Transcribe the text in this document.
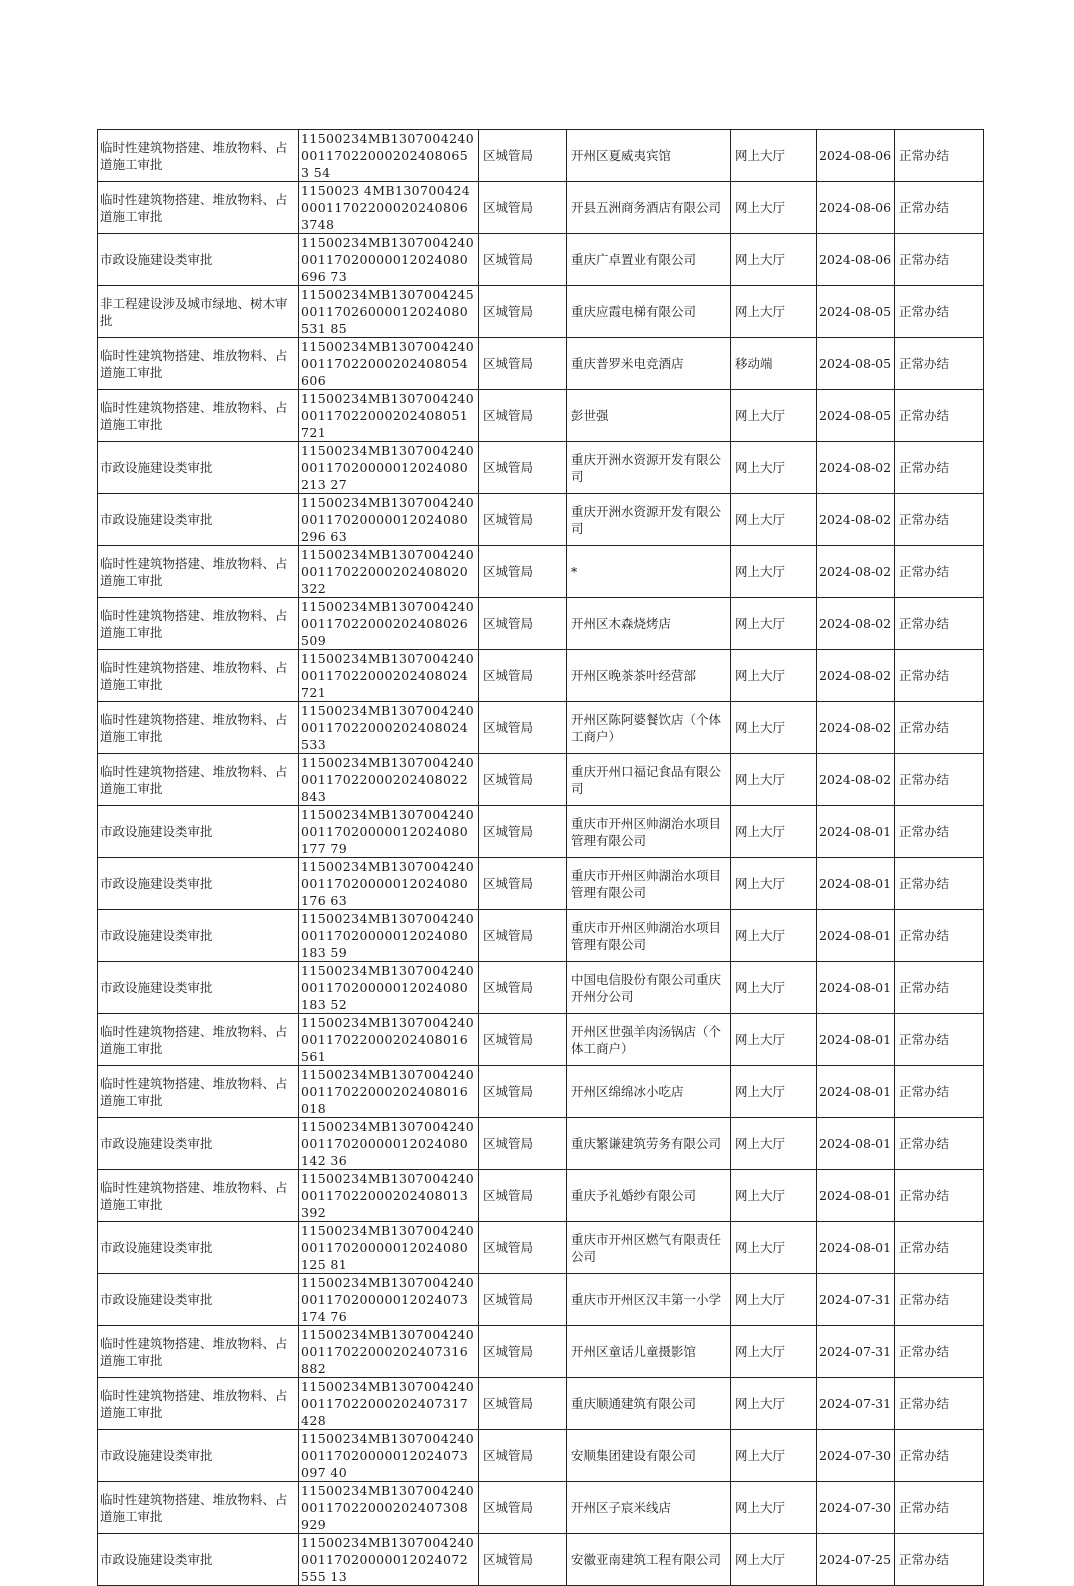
临时性建筑物搭建、堆放物料、占道施工审批	11500234MB1307004240001170220002024080653 54	区城管局	开州区夏威夷宾馆	网上大厅	2024-08-06	正常办结
临时性建筑物搭建、堆放物料、占道施工审批	1150023 4MB130700424000117022000202408063748	区城管局	开县五洲商务酒店有限公司	网上大厅	2024-08-06	正常办结
市政设施建设类审批	11500234MB130700424000117020000012024080696 73	区城管局	重庆广卓置业有限公司	网上大厅	2024-08-06	正常办结
非工程建设涉及城市绿地、树木审批	11500234MB130700424500117026000012024080531 85	区城管局	重庆应霞电梯有限公司	网上大厅	2024-08-05	正常办结
临时性建筑物搭建、堆放物料、占道施工审批	11500234MB130700424000117022000202408054606	区城管局	重庆普罗米电竞酒店	移动端	2024-08-05	正常办结
临时性建筑物搭建、堆放物料、占道施工审批	11500234MB130700424000117022000202408051721	区城管局	彭世强	网上大厅	2024-08-05	正常办结
市政设施建设类审批	11500234MB130700424000117020000012024080213 27	区城管局	重庆开洲水资源开发有限公司	网上大厅	2024-08-02	正常办结
市政设施建设类审批	11500234MB130700424000117020000012024080296 63	区城管局	重庆开洲水资源开发有限公司	网上大厅	2024-08-02	正常办结
临时性建筑物搭建、堆放物料、占道施工审批	11500234MB130700424000117022000202408020322	区城管局	*	网上大厅	2024-08-02	正常办结
临时性建筑物搭建、堆放物料、占道施工审批	11500234MB130700424000117022000202408026509	区城管局	开州区木森烧烤店	网上大厅	2024-08-02	正常办结
临时性建筑物搭建、堆放物料、占道施工审批	11500234MB130700424000117022000202408024721	区城管局	开州区晚茶茶叶经营部	网上大厅	2024-08-02	正常办结
临时性建筑物搭建、堆放物料、占道施工审批	11500234MB130700424000117022000202408024533	区城管局	开州区陈阿婆餐饮店（个体工商户）	网上大厅	2024-08-02	正常办结
临时性建筑物搭建、堆放物料、占道施工审批	11500234MB130700424000117022000202408022843	区城管局	重庆开州口福记食品有限公司	网上大厅	2024-08-02	正常办结
市政设施建设类审批	11500234MB130700424000117020000012024080177 79	区城管局	重庆市开州区帅湖治水项目管理有限公司	网上大厅	2024-08-01	正常办结
市政设施建设类审批	11500234MB130700424000117020000012024080176 63	区城管局	重庆市开州区帅湖治水项目管理有限公司	网上大厅	2024-08-01	正常办结
市政设施建设类审批	11500234MB130700424000117020000012024080183 59	区城管局	重庆市开州区帅湖治水项目管理有限公司	网上大厅	2024-08-01	正常办结
市政设施建设类审批	11500234MB130700424000117020000012024080183 52	区城管局	中国电信股份有限公司重庆开州分公司	网上大厅	2024-08-01	正常办结
临时性建筑物搭建、堆放物料、占道施工审批	11500234MB130700424000117022000202408016561	区城管局	开州区世强羊肉汤锅店（个体工商户）	网上大厅	2024-08-01	正常办结
临时性建筑物搭建、堆放物料、占道施工审批	11500234MB130700424000117022000202408016018	区城管局	开州区绵绵冰小吃店	网上大厅	2024-08-01	正常办结
市政设施建设类审批	11500234MB130700424000117020000012024080142 36	区城管局	重庆繁谦建筑劳务有限公司	网上大厅	2024-08-01	正常办结
临时性建筑物搭建、堆放物料、占道施工审批	11500234MB130700424000117022000202408013392	区城管局	重庆予礼婚纱有限公司	网上大厅	2024-08-01	正常办结
市政设施建设类审批	11500234MB130700424000117020000012024080125 81	区城管局	重庆市开州区燃气有限责任公司	网上大厅	2024-08-01	正常办结
市政设施建设类审批	11500234MB130700424000117020000012024073174 76	区城管局	重庆市开州区汉丰第一小学	网上大厅	2024-07-31	正常办结
临时性建筑物搭建、堆放物料、占道施工审批	11500234MB130700424000117022000202407316882	区城管局	开州区童话儿童摄影馆	网上大厅	2024-07-31	正常办结
临时性建筑物搭建、堆放物料、占道施工审批	11500234MB130700424000117022000202407317428	区城管局	重庆顺通建筑有限公司	网上大厅	2024-07-31	正常办结
市政设施建设类审批	11500234MB130700424000117020000012024073097 40	区城管局	安顺集团建设有限公司	网上大厅	2024-07-30	正常办结
临时性建筑物搭建、堆放物料、占道施工审批	11500234MB130700424000117022000202407308929	区城管局	开州区子宸米线店	网上大厅	2024-07-30	正常办结
市政设施建设类审批	11500234MB130700424000117020000012024072555 13	区城管局	安徽亚南建筑工程有限公司	网上大厅	2024-07-25	正常办结
